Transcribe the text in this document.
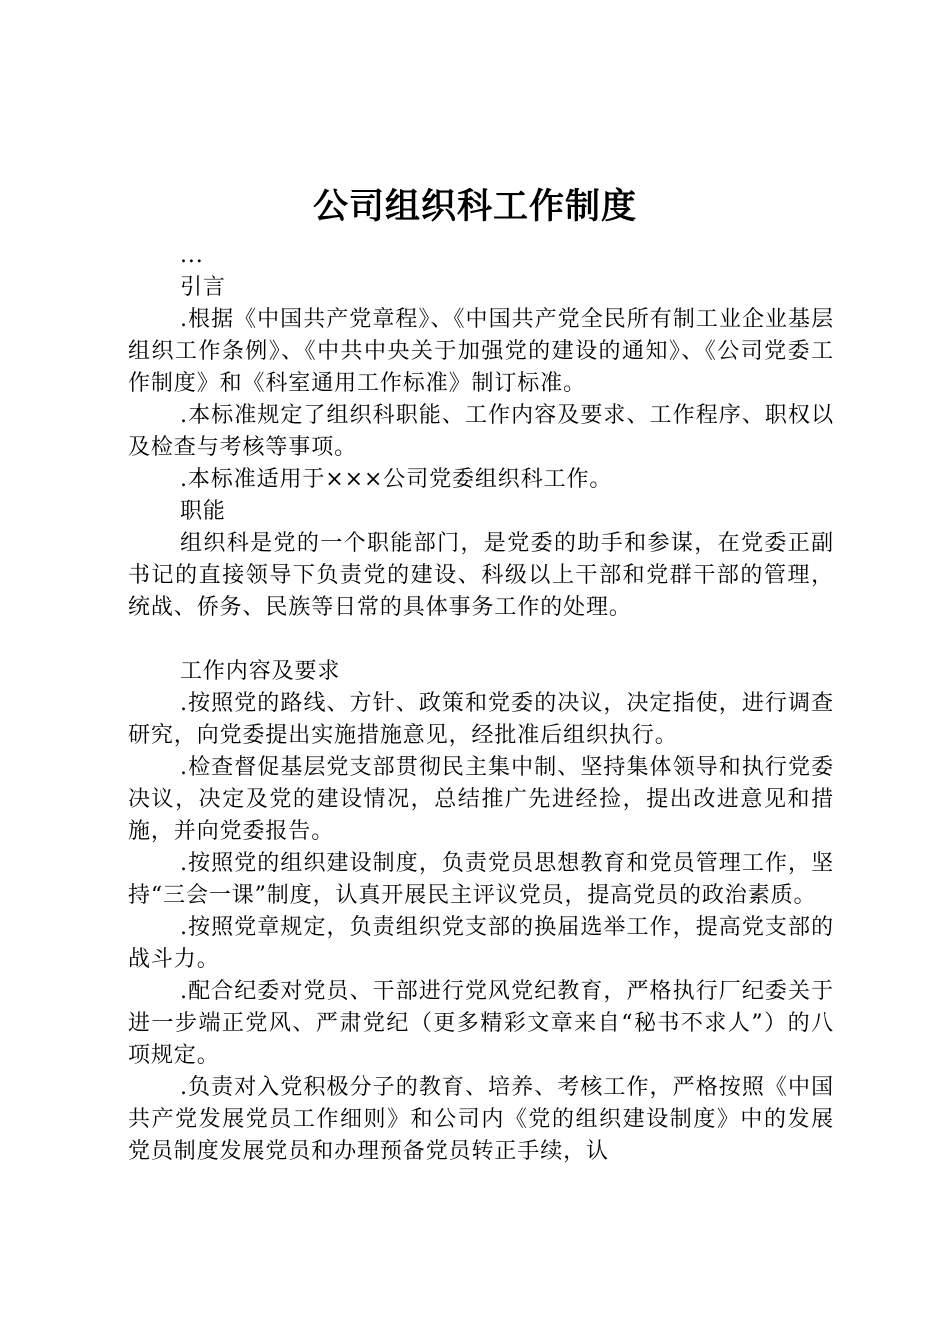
公司组织科工作制度

...

引言

.根据《中国共产党章程》、《中国共产党全民所有制工业企业基层组织工作条例》、《中共中央关于加强党的建设的通知》、《公司党委工作制度》和《科室通用工作标准》制订标准。

.本标准规定了组织科职能、工作内容及要求、工作程序、职权以及检查与考核等事项。

.本标准适用于×××公司党委组织科工作。

职能

组织科是党的一个职能部门，是党委的助手和参谋，在党委正副书记的直接领导下负责党的建设、科级以上干部和党群干部的管理，统战、侨务、民族等日常的具体事务工作的处理。

工作内容及要求

.按照党的路线、方针、政策和党委的决议，决定指使，进行调查研究，向党委提出实施措施意见，经批准后组织执行。

.检查督促基层党支部贯彻民主集中制、坚持集体领导和执行党委决议，决定及党的建设情况，总结推广先进经捡，提出改进意见和措施，并向党委报告。

.按照党的组织建设制度，负责党员思想教育和党员管理工作，坚持“三会一课”制度，认真开展民主评议党员，提高党员的政治素质。

.按照党章规定，负责组织党支部的换届选举工作，提高党支部的战斗力。

.配合纪委对党员、干部进行党风党纪教育，严格执行厂纪委关于进一步端正党风、严肃党纪（更多精彩文章来自“秘书不求人”）的八项规定。

.负责对入党积极分子的教育、培养、考核工作，严格按照《中国共产党发展党员工作细则》和公司内《党的组织建设制度》中的发展党员制度发展党员和办理预备党员转正手续，认
